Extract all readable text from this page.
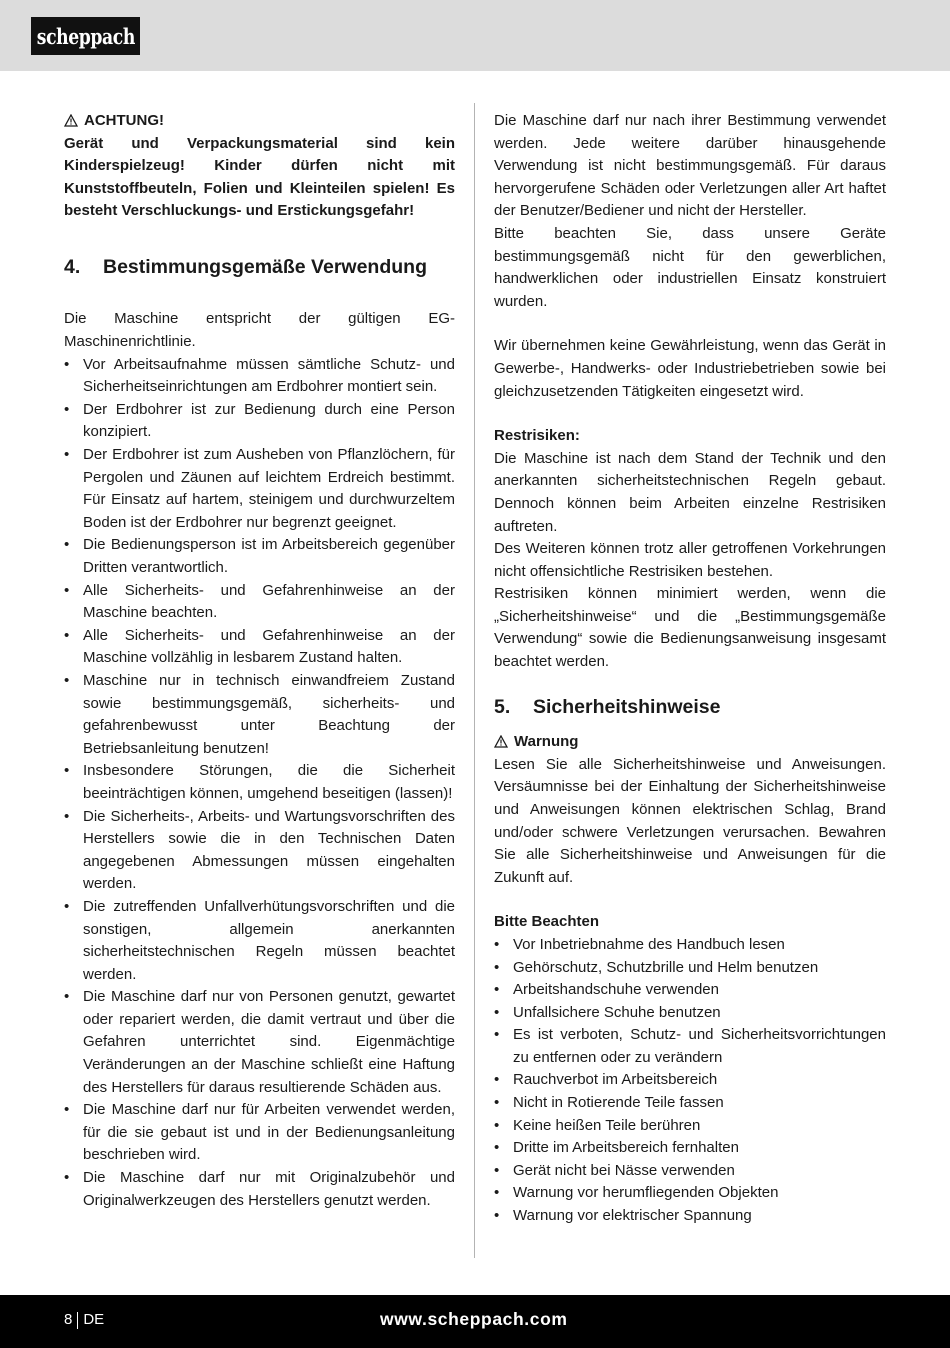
scheppach
ACHTUNG!
Gerät und Verpackungsmaterial sind kein Kinderspielzeug! Kinder dürfen nicht mit Kunststoffbeuteln, Folien und Kleinteilen spielen! Es besteht Verschluckungs- und Erstickungsgefahr!
4.	Bestimmungsgemäße Verwendung
Die Maschine entspricht der gültigen EG-Maschinenrichtlinie.
• Vor Arbeitsaufnahme müssen sämtliche Schutz- und Sicherheitseinrichtungen am Erdbohrer montiert sein.
• Der Erdbohrer ist zur Bedienung durch eine Person konzipiert.
• Der Erdbohrer ist zum Ausheben von Pflanzlöchern, für Pergolen und Zäunen auf leichtem Erdreich bestimmt. Für Einsatz auf hartem, steinigem und durchwurzeltem Boden ist der Erdbohrer nur begrenzt geeignet.
• Die Bedienungsperson ist im Arbeitsbereich gegenüber Dritten verantwortlich.
• Alle Sicherheits- und Gefahrenhinweise an der Maschine beachten.
• Alle Sicherheits- und Gefahrenhinweise an der Maschine vollzählig in lesbarem Zustand halten.
• Maschine nur in technisch einwandfreiem Zustand sowie bestimmungsgemäß, sicherheits- und gefahrenbewusst unter Beachtung der Betriebsanleitung benutzen!
• Insbesondere Störungen, die die Sicherheit beeinträchtigen können, umgehend beseitigen (lassen)!
• Die Sicherheits-, Arbeits- und Wartungsvorschriften des Herstellers sowie die in den Technischen Daten angegebenen Abmessungen müssen eingehalten werden.
• Die zutreffenden Unfallverhütungsvorschriften und die sonstigen, allgemein anerkannten sicherheitstechnischen Regeln müssen beachtet werden.
• Die Maschine darf nur von Personen genutzt, gewartet oder repariert werden, die damit vertraut und über die Gefahren unterrichtet sind. Eigenmächtige Veränderungen an der Maschine schließt eine Haftung des Herstellers für daraus resultierende Schäden aus.
• Die Maschine darf nur für Arbeiten verwendet werden, für die sie gebaut ist und in der Bedienungsanleitung beschrieben wird.
• Die Maschine darf nur mit Originalzubehör und Originalwerkzeugen des Herstellers genutzt werden.
Die Maschine darf nur nach ihrer Bestimmung verwendet werden. Jede weitere darüber hinausgehende Verwendung ist nicht bestimmungsgemäß. Für daraus hervorgerufene Schäden oder Verletzungen aller Art haftet der Benutzer/Bediener und nicht der Hersteller.
Bitte beachten Sie, dass unsere Geräte bestimmungsgemäß nicht für den gewerblichen, handwerklichen oder industriellen Einsatz konstruiert wurden.
Wir übernehmen keine Gewährleistung, wenn das Gerät in Gewerbe-, Handwerks- oder Industriebetrieben sowie bei gleichzusetzenden Tätigkeiten eingesetzt wird.
Restrisiken:
Die Maschine ist nach dem Stand der Technik und den anerkannten sicherheitstechnischen Regeln gebaut. Dennoch können beim Arbeiten einzelne Restrisiken auftreten.
Des Weiteren können trotz aller getroffenen Vorkehrungen nicht offensichtliche Restrisiken bestehen.
Restrisiken können minimiert werden, wenn die „Sicherheitshinweise“ und die „Bestimmungsgemäße Verwendung“ sowie die Bedienungsanweisung insgesamt beachtet werden.
5.	Sicherheitshinweise
Warnung
Lesen Sie alle Sicherheitshinweise und Anweisungen. Versäumnisse bei der Einhaltung der Sicherheitshinweise und Anweisungen können elektrischen Schlag, Brand und/oder schwere Verletzungen verursachen. Bewahren Sie alle Sicherheitshinweise und Anweisungen für die Zukunft auf.
Bitte Beachten
• Vor Inbetriebnahme des Handbuch lesen
• Gehörschutz, Schutzbrille und Helm benutzen
• Arbeitshandschuhe verwenden
• Unfallsichere Schuhe benutzen
• Es ist verboten, Schutz- und Sicherheitsvorrichtungen zu entfernen oder zu verändern
• Rauchverbot im Arbeitsbereich
• Nicht in Rotierende Teile fassen
• Keine heißen Teile berühren
• Dritte im Arbeitsbereich fernhalten
• Gerät nicht bei Nässe verwenden
• Warnung vor herumfliegenden Objekten
• Warnung vor elektrischer Spannung
8 DE	www.scheppach.com
